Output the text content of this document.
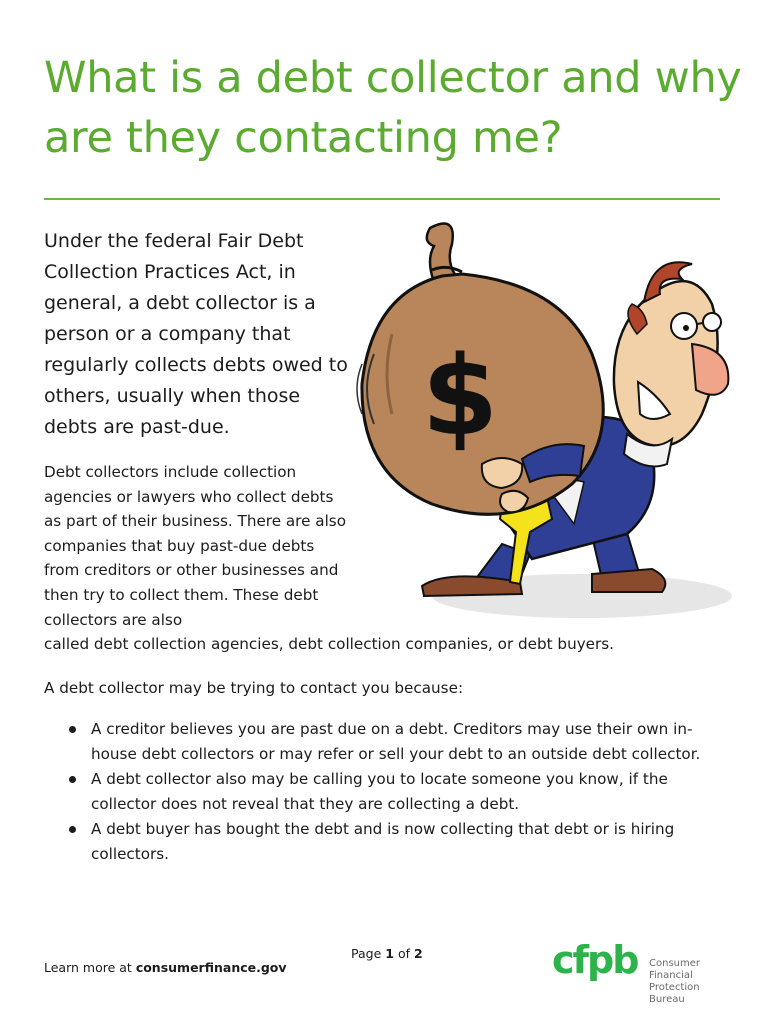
What is a debt collector and why are they contacting me?

Under the federal Fair Debt Collection Practices Act, in general, a debt collector is a person or a company that regularly collects debts owed to others, usually when those debts are past-due.	$

Debt collectors include collection agencies or lawyers who collect debts as part of their business. There are also companies that buy past-due debts from creditors or other businesses and then try to collect them. These debt collectors are also

called debt collection agencies, debt collection companies, or debt buyers.

A debt collector may be trying to contact you because:

A creditor believes you are past due on a debt. Creditors may use their own in-house debt collectors or may refer or sell your debt to an outside debt collector.
A debt collector also may be calling you to locate someone you know, if the collector does not reveal that they are collecting a debt.
A debt buyer has bought the debt and is now collecting that debt or is hiring collectors.
Page 1 of 2
Learn more at consumerfinance.gov	cfpb Consumer Financial
Protection Bureau
